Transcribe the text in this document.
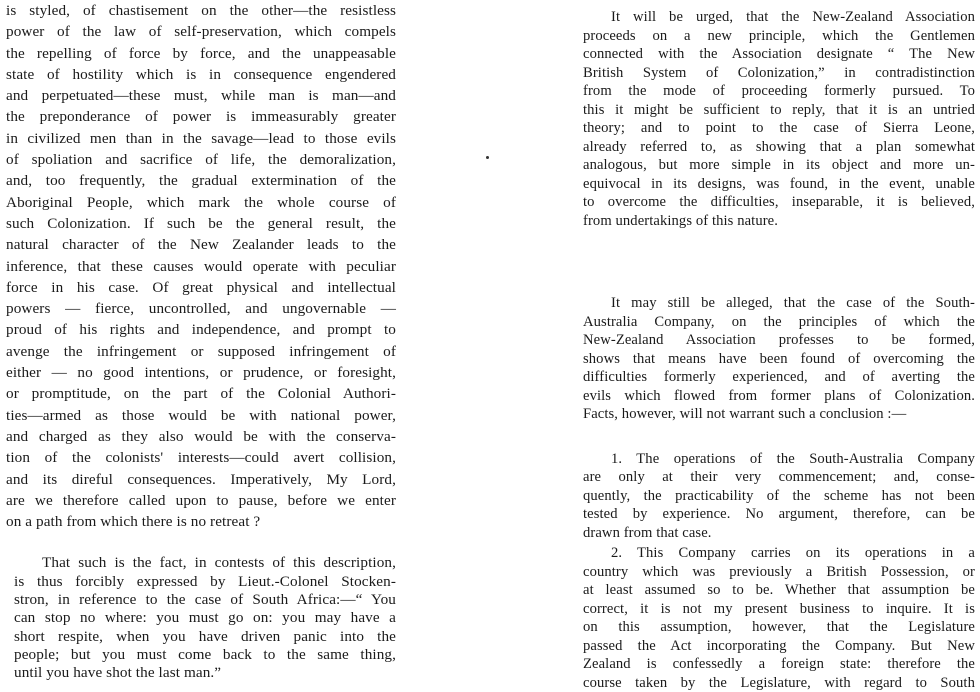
is styled, of chastisement on the other—the resistless
power of the law of self-preservation, which compels
the repelling of force by force, and the unappeasable
state of hostility which is in consequence engendered
and perpetuated—these must, while man is man—and
the preponderance of power is immeasurably greater
in civilized men than in the savage—lead to those evils
of spoliation and sacrifice of life, the demoralization,
and, too frequently, the gradual extermination of the
Aboriginal People, which mark the whole course of
such Colonization. If such be the general result, the
natural character of the New Zealander leads to the
inference, that these causes would operate with peculiar
force in his case. Of great physical and intellectual
powers — fierce, uncontrolled, and ungovernable —
proud of his rights and independence, and prompt to
avenge the infringement or supposed infringement of
either — no good intentions, or prudence, or foresight,
or promptitude, on the part of the Colonial Authori-
ties—armed as those would be with national power,
and charged as they also would be with the conserva-
tion of the colonists' interests—could avert collision,
and its direful consequences. Imperatively, My Lord,
are we therefore called upon to pause, before we enter
on a path from which there is no retreat ?
That such is the fact, in contests of this description,
is thus forcibly expressed by Lieut.-Colonel Stocken-
stron, in reference to the case of South Africa:—“ You
can stop no where: you must go on: you may have a
short respite, when you have driven panic into the
people; but you must come back to the same thing,
until you have shot the last man.”
It will be urged, that the New-Zealand Association
proceeds on a new principle, which the Gentlemen
connected with the Association designate “ The New
British System of Colonization,” in contradistinction
from the mode of proceeding formerly pursued. To
this it might be sufficient to reply, that it is an untried
theory; and to point to the case of Sierra Leone,
already referred to, as showing that a plan somewhat
analogous, but more simple in its object and more un-
equivocal in its designs, was found, in the event, unable
to overcome the difficulties, inseparable, it is believed,
from undertakings of this nature.
It may still be alleged, that the case of the South-
Australia Company, on the principles of which the
New-Zealand Association professes to be formed,
shows that means have been found of overcoming the
difficulties formerly experienced, and of averting the
evils which flowed from former plans of Colonization.
Facts, however, will not warrant such a conclusion :—
1. The operations of the South-Australia Company
are only at their very commencement; and, conse-
quently, the practicability of the scheme has not been
tested by experience. No argument, therefore, can be
drawn from that case.
2. This Company carries on its operations in a
country which was previously a British Possession, or
at least assumed so to be. Whether that assumption be
correct, it is not my present business to inquire. It is
on this assumption, however, that the Legislature
passed the Act incorporating the Company. But New
Zealand is confessedly a foreign state: therefore the
course taken by the Legislature, with regard to South
